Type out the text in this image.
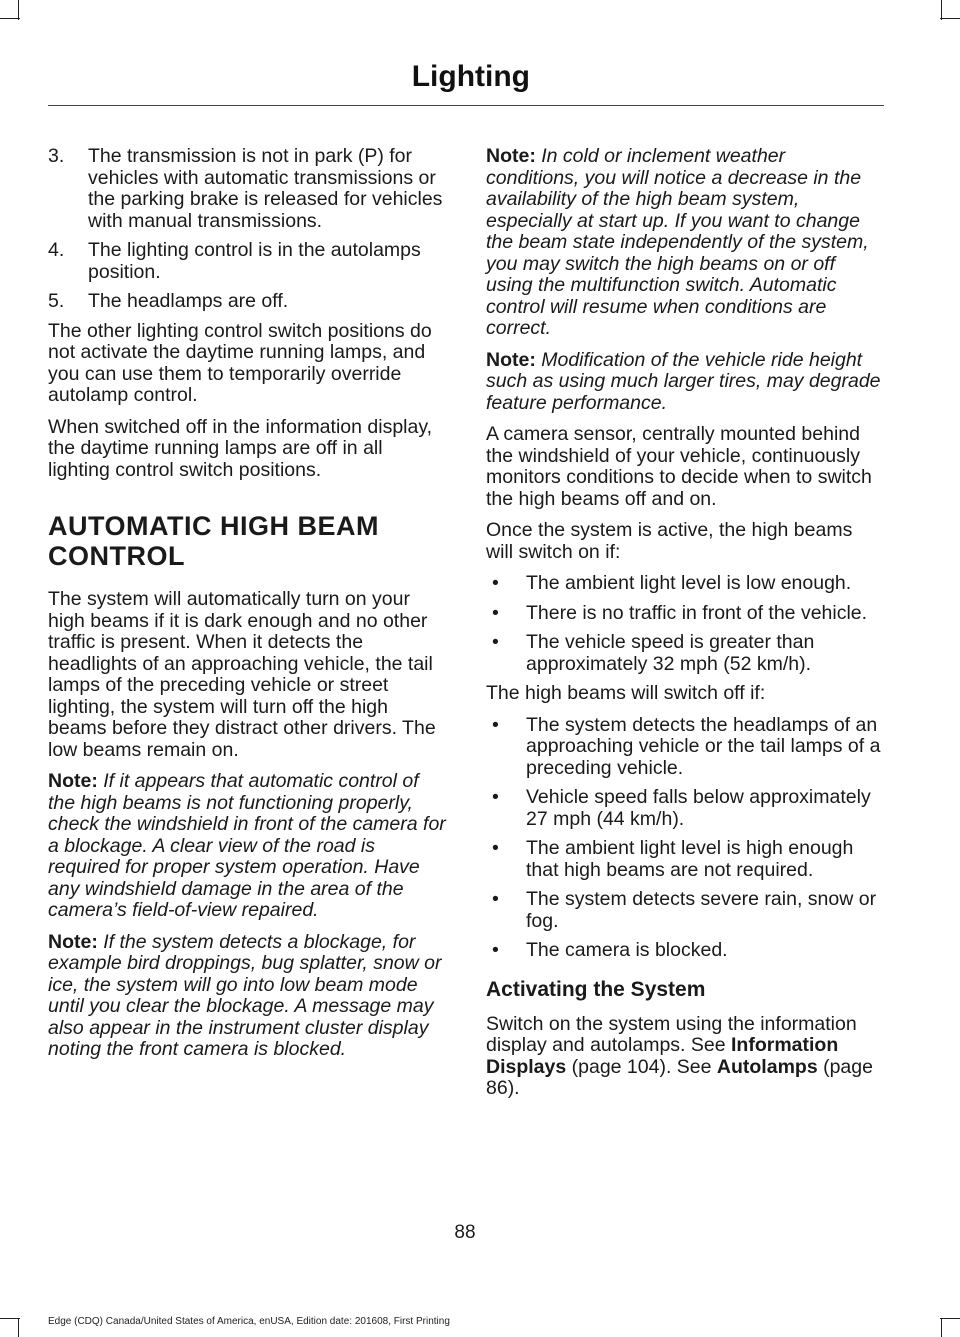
Lighting
3. The transmission is not in park (P) for vehicles with automatic transmissions or the parking brake is released for vehicles with manual transmissions.
4. The lighting control is in the autolamps position.
5. The headlamps are off.

The other lighting control switch positions do not activate the daytime running lamps, and you can use them to temporarily override autolamp control.

When switched off in the information display, the daytime running lamps are off in all lighting control switch positions.

AUTOMATIC HIGH BEAM CONTROL

The system will automatically turn on your high beams if it is dark enough and no other traffic is present. When it detects the headlights of an approaching vehicle, the tail lamps of the preceding vehicle or street lighting, the system will turn off the high beams before they distract other drivers. The low beams remain on.

Note: If it appears that automatic control of the high beams is not functioning properly, check the windshield in front of the camera for a blockage. A clear view of the road is required for proper system operation. Have any windshield damage in the area of the camera’s field-of-view repaired.

Note: If the system detects a blockage, for example bird droppings, bug splatter, snow or ice, the system will go into low beam mode until you clear the blockage. A message may also appear in the instrument cluster display noting the front camera is blocked.

Note: In cold or inclement weather conditions, you will notice a decrease in the availability of the high beam system, especially at start up. If you want to change the beam state independently of the system, you may switch the high beams on or off using the multifunction switch. Automatic control will resume when conditions are correct.

Note: Modification of the vehicle ride height such as using much larger tires, may degrade feature performance.

A camera sensor, centrally mounted behind the windshield of your vehicle, continuously monitors conditions to decide when to switch the high beams off and on.

Once the system is active, the high beams will switch on if:

• The ambient light level is low enough.
• There is no traffic in front of the vehicle.
• The vehicle speed is greater than approximately 32 mph (52 km/h).

The high beams will switch off if:

• The system detects the headlamps of an approaching vehicle or the tail lamps of a preceding vehicle.
• Vehicle speed falls below approximately 27 mph (44 km/h).
• The ambient light level is high enough that high beams are not required.
• The system detects severe rain, snow or fog.
• The camera is blocked.
Activating the System

Switch on the system using the information display and autolamps. See Information Displays (page 104). See Autolamps (page 86).

88
Edge (CDQ) Canada/United States of America, enUSA, Edition date: 201608, First Printing
